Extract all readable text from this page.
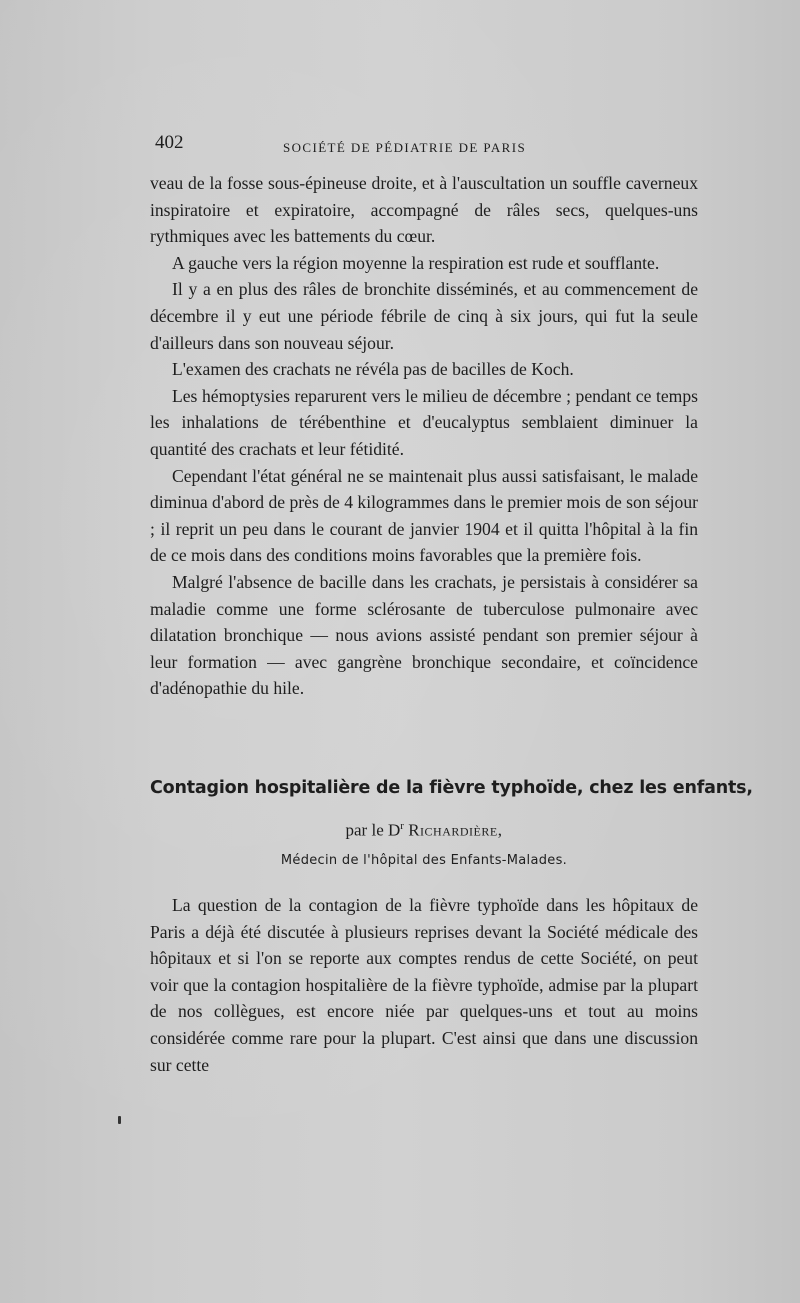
402	SOCIÉTÉ DE PÉDIATRIE DE PARIS

veau de la fosse sous-épineuse droite, et à l'auscultation un souffle caverneux inspiratoire et expiratoire, accompagné de râles secs, quelques-uns rythmiques avec les battements du cœur.

A gauche vers la région moyenne la respiration est rude et soufflante.

Il y a en plus des râles de bronchite disséminés, et au commencement de décembre il y eut une période fébrile de cinq à six jours, qui fut la seule d'ailleurs dans son nouveau séjour.

L'examen des crachats ne révéla pas de bacilles de Koch.

Les hémoptysies reparurent vers le milieu de décembre ; pendant ce temps les inhalations de térébenthine et d'eucalyptus semblaient diminuer la quantité des crachats et leur fétidité.

Cependant l'état général ne se maintenait plus aussi satisfaisant, le malade diminua d'abord de près de 4 kilogrammes dans le premier mois de son séjour ; il reprit un peu dans le courant de janvier 1904 et il quitta l'hôpital à la fin de ce mois dans des conditions moins favorables que la première fois.

Malgré l'absence de bacille dans les crachats, je persistais à considérer sa maladie comme une forme sclérosante de tuberculose pulmonaire avec dilatation bronchique — nous avions assisté pendant son premier séjour à leur formation — avec gangrène bronchique secondaire, et coïncidence d'adénopathie du hile.

Contagion hospitalière de la fièvre typhoïde, chez les enfants,
par le $D^r$ Richardière,
Médecin de l'hôpital des Enfants-Malades.

La question de la contagion de la fièvre typhoïde dans les hôpitaux de Paris a déjà été discutée à plusieurs reprises devant la Société médicale des hôpitaux et si l'on se reporte aux comptes rendus de cette Société, on peut voir que la contagion hospitalière de la fièvre typhoïde, admise par la plupart de nos collègues, est encore niée par quelques-uns et tout au moins considérée comme rare pour la plupart. C'est ainsi que dans une discussion sur cette
